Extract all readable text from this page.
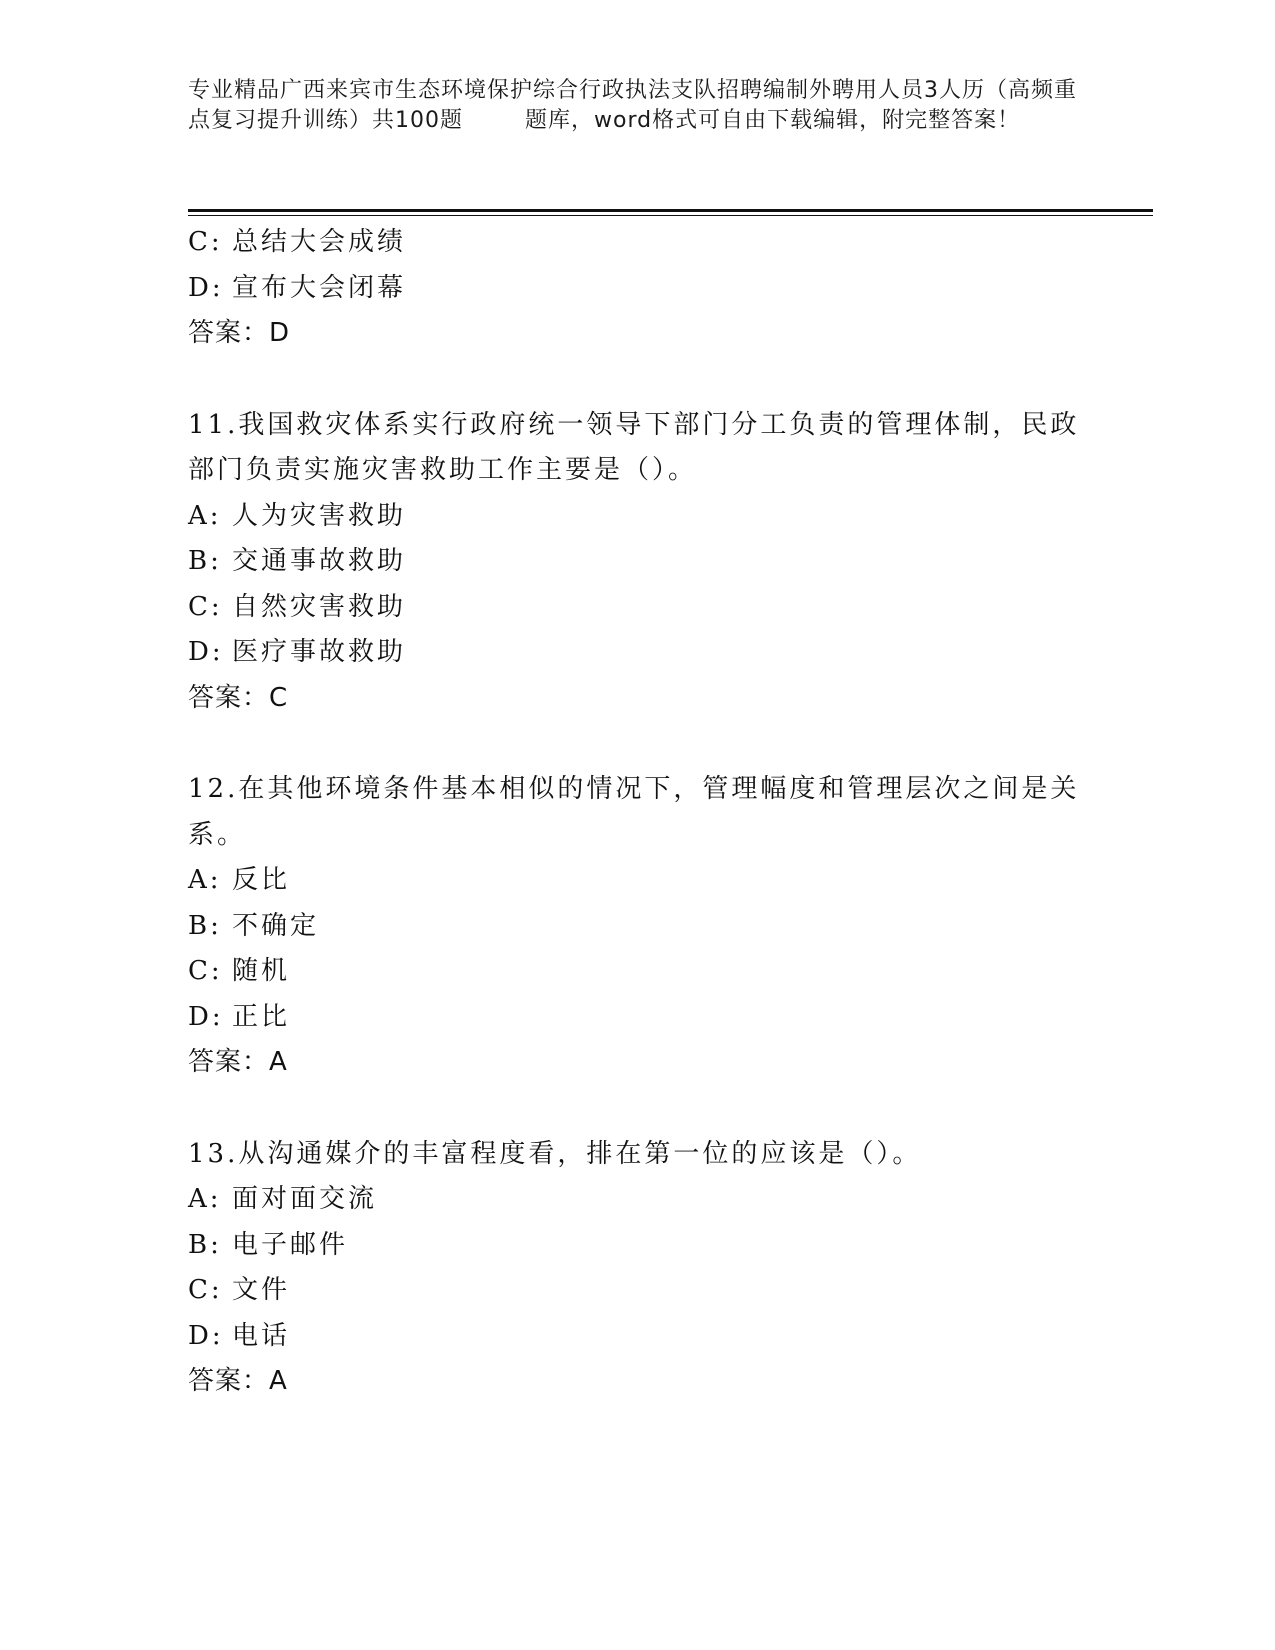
专业精品广西来宾市生态环境保护综合行政执法支队招聘编制外聘用人员3人历（高频重点复习提升训练）共100题	题库，word格式可自由下载编辑，附完整答案！
C: 总结大会成绩
D: 宣布大会闭幕
答案：D
11.我国救灾体系实行政府统一领导下部门分工负责的管理体制，民政部门负责实施灾害救助工作主要是（）。
A: 人为灾害救助
B: 交通事故救助
C: 自然灾害救助
D: 医疗事故救助
答案：C
12.在其他环境条件基本相似的情况下，管理幅度和管理层次之间是关系。
A: 反比
B: 不确定
C: 随机
D: 正比
答案：A
13.从沟通媒介的丰富程度看，排在第一位的应该是（）。
A: 面对面交流
B: 电子邮件
C: 文件
D: 电话
答案：A
